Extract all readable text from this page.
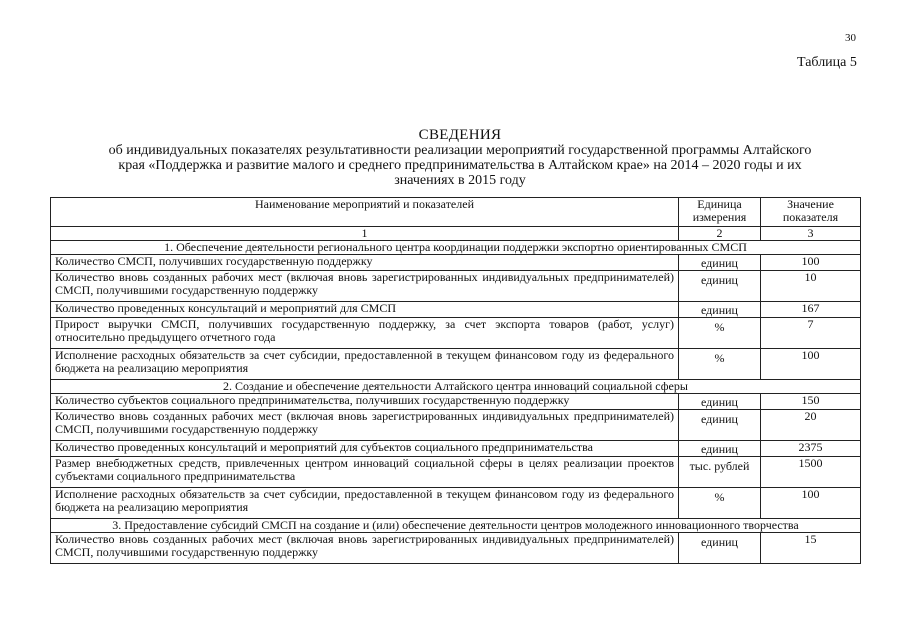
30
Таблица 5
СВЕДЕНИЯ
об индивидуальных показателях результативности реализации мероприятий государственной программы Алтайского
края «Поддержка и развитие малого и среднего предпринимательства в Алтайском крае» на 2014 – 2020 годы и их
значениях в 2015 году
Наименование мероприятий и показателей	Единица измерения	Значение показателя
1	2	3
1. Обеспечение деятельности регионального центра координации поддержки экспортно ориентированных СМСП		
Количество СМСП, получивших государственную поддержку	единиц	100
Количество вновь созданных рабочих мест (включая вновь зарегистрированных индивидуальных предпринимателей) СМСП, получившими государственную поддержку	единиц	10
Количество проведенных консультаций и мероприятий для СМСП	единиц	167
Прирост выручки СМСП, получивших государственную поддержку, за счет экспорта товаров (работ, услуг) относительно предыдущего отчетного года	%	7
Исполнение расходных обязательств за счет субсидии, предоставленной в текущем финансовом году из федерального бюджета на реализацию мероприятия	%	100
2. Создание и обеспечение деятельности Алтайского центра инноваций социальной сферы		
Количество субъектов социального предпринимательства, получивших государственную поддержку	единиц	150
Количество вновь созданных рабочих мест (включая вновь зарегистрированных индивидуальных предпринимателей) СМСП, получившими государственную поддержку	единиц	20
Количество проведенных консультаций и мероприятий для субъектов социального предпринимательства	единиц	2375
Размер внебюджетных средств, привлеченных центром инноваций социальной сферы в целях реализации проектов субъектами социального предпринимательства	тыс. рублей	1500
Исполнение расходных обязательств за счет субсидии, предоставленной в текущем финансовом году из федерального бюджета на реализацию мероприятия	%	100
3. Предоставление субсидий СМСП на создание и (или) обеспечение деятельности центров молодежного инновационного творчества		
Количество вновь созданных рабочих мест (включая вновь зарегистрированных индивидуальных предпринимателей) СМСП, получившими государственную поддержку	единиц	15
